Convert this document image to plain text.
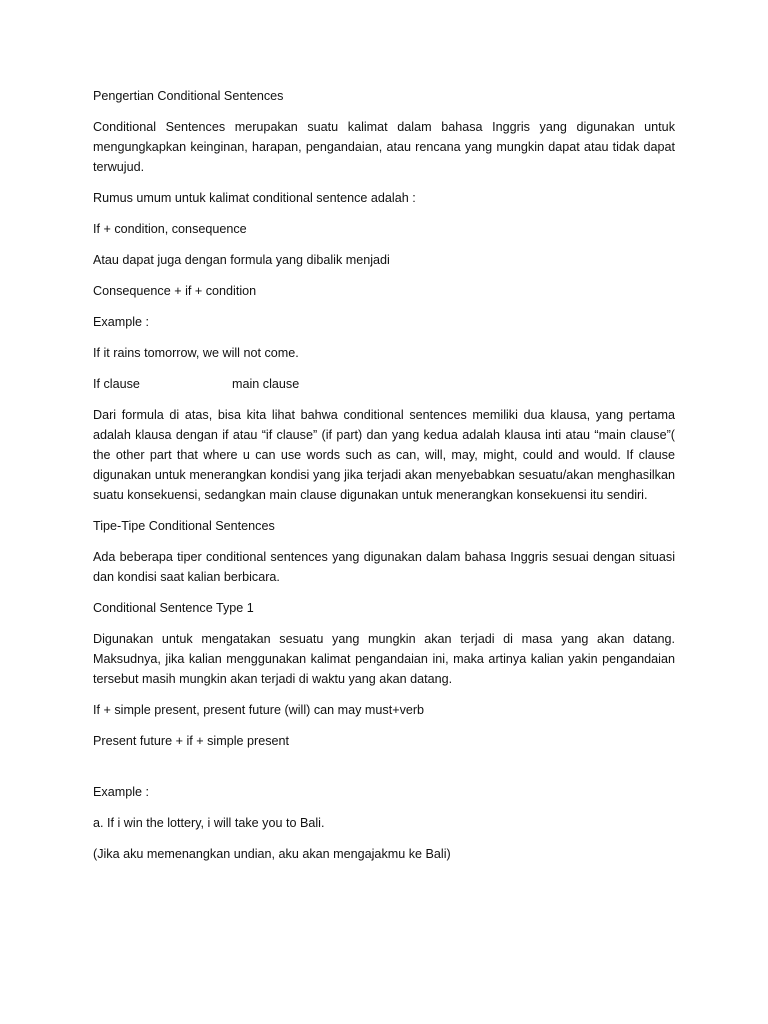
Pengertian Conditional Sentences

Conditional Sentences merupakan suatu kalimat dalam bahasa Inggris yang digunakan untuk mengungkapkan keinginan, harapan, pengandaian, atau rencana yang mungkin dapat atau tidak dapat terwujud.

Rumus umum untuk kalimat conditional sentence adalah :

If + condition, consequence

Atau dapat juga dengan formula yang dibalik menjadi

Consequence + if + condition

Example :

If it rains tomorrow, we will not come.

If clause	main clause

Dari formula di atas, bisa kita lihat bahwa conditional sentences memiliki dua klausa, yang pertama adalah klausa dengan if atau “if clause” (if part) dan yang kedua adalah klausa inti atau “main clause”( the other part that where u can use words such as can, will, may, might, could and would. If clause digunakan untuk menerangkan kondisi yang jika terjadi akan menyebabkan sesuatu/akan menghasilkan suatu konsekuensi, sedangkan main clause digunakan untuk menerangkan konsekuensi itu sendiri.

Tipe-Tipe Conditional Sentences

Ada beberapa tiper conditional sentences yang digunakan dalam bahasa Inggris sesuai dengan situasi dan kondisi saat kalian berbicara.

Conditional Sentence Type 1

Digunakan untuk mengatakan sesuatu yang mungkin akan terjadi di masa yang akan datang. Maksudnya, jika kalian menggunakan kalimat pengandaian ini, maka artinya kalian yakin pengandaian tersebut masih mungkin akan terjadi di waktu yang akan datang.

If + simple present, present future (will) can may must+verb

Present future + if + simple present

Example :

a. If i win the lottery, i will take you to Bali.

(Jika aku memenangkan undian, aku akan mengajakmu ke Bali)
